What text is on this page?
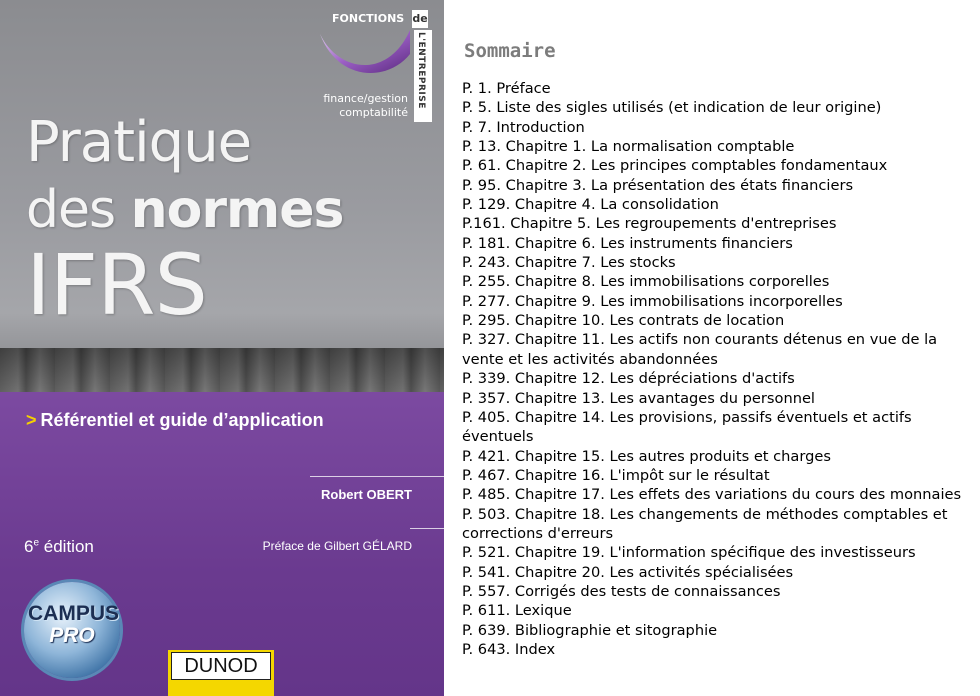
FONCTIONS de
L'ENTREPRISE
finance/gestion
comptabilité
Pratique
des normes
IFRS
> Référentiel et guide d’application
Robert OBERT
6e édition	Préface de Gilbert GÉLARD
CAMPUS
PRO
DUNOD
Sommaire
P. 1. Préface
P. 5. Liste des sigles utilisés (et indication de leur origine)
P. 7. Introduction
P. 13. Chapitre 1. La normalisation comptable
P. 61. Chapitre 2. Les principes comptables fondamentaux
P. 95. Chapitre 3. La présentation des états financiers
P. 129. Chapitre 4. La consolidation
P.161. Chapitre 5. Les regroupements d'entreprises
P. 181. Chapitre 6. Les instruments financiers
P. 243. Chapitre 7. Les stocks
P. 255. Chapitre 8. Les immobilisations corporelles
P. 277. Chapitre 9. Les immobilisations incorporelles
P. 295. Chapitre 10. Les contrats de location
P. 327. Chapitre 11. Les actifs non courants détenus en vue de la vente et les activités abandonnées
P. 339. Chapitre 12. Les dépréciations d'actifs
P. 357. Chapitre 13. Les avantages du personnel
P. 405. Chapitre 14. Les provisions, passifs éventuels et actifs éventuels
P. 421. Chapitre 15. Les autres produits et charges
P. 467. Chapitre 16. L'impôt sur le résultat
P. 485. Chapitre 17. Les effets des variations du cours des monnaies
P. 503. Chapitre 18. Les changements de méthodes comptables et corrections d'erreurs
P. 521. Chapitre 19. L'information spécifique des investisseurs
P. 541. Chapitre 20. Les activités spécialisées
P. 557. Corrigés des tests de connaissances
P. 611. Lexique
P. 639. Bibliographie et sitographie
P. 643. Index
